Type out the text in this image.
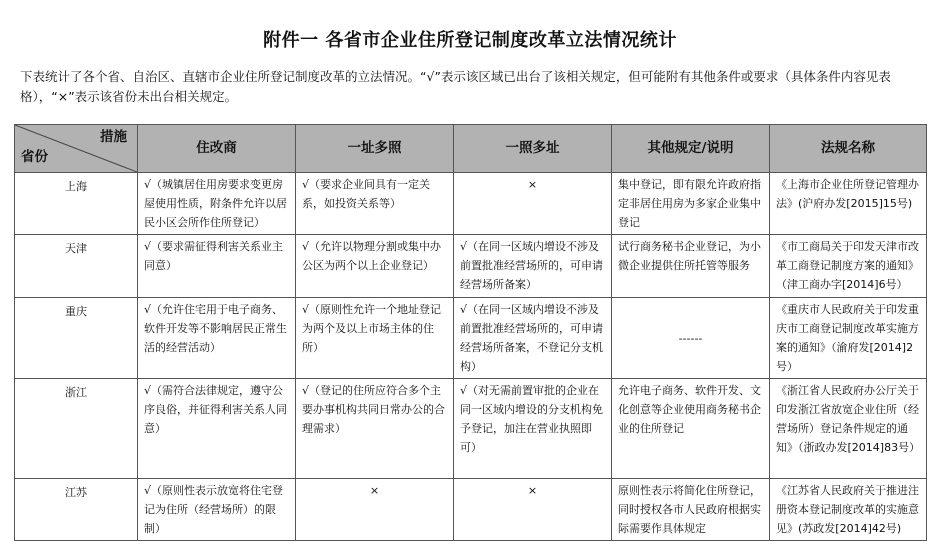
附件一 各省市企业住所登记制度改革立法情况统计
下表统计了各个省、自治区、直辖市企业住所登记制度改革的立法情况。“√”表示该区域已出台了该相关规定，但可能附有其他条件或要求（具体条件内容见表格），“×”表示该省份未出台相关规定。
措施
省份	住改商	一址多照	一照多址	其他规定/说明	法规名称
上海	√（城镇居住用房要求变更房屋使用性质，附条件允许以居民小区会所作住所登记）	√（要求企业间具有一定关系，如投资关系等）	×	集中登记，即有限允许政府指定非居住用房为多家企业集中登记	《上海市企业住所登记管理办法》(沪府办发[2015]15号)
天津	√（要求需征得利害关系业主同意）	√（允许以物理分割或集中办公区为两个以上企业登记）	√（在同一区域内增设不涉及前置批准经营场所的，可申请经营场所备案）	试行商务秘书企业登记，为小微企业提供住所托管等服务	《市工商局关于印发天津市改革工商登记制度方案的通知》（津工商办字[2014]6号）
重庆	√（允许住宅用于电子商务、软件开发等不影响居民正常生活的经营活动）	√（原则性允许一个地址登记为两个及以上市场主体的住所）	√（在同一区域内增设不涉及前置批准经营场所的，可申请经营场所备案，不登记分支机构）	------	《重庆市人民政府关于印发重庆市工商登记制度改革实施方案的通知》（渝府发[2014]2号）
浙江	√（需符合法律规定，遵守公序良俗，并征得利害关系人同意）	√（登记的住所应符合多个主要办事机构共同日常办公的合理需求）	√（对无需前置审批的企业在同一区域内增设的分支机构免予登记，加注在营业执照即可）	允许电子商务、软件开发、文化创意等企业使用商务秘书企业的住所登记	《浙江省人民政府办公厅关于印发浙江省放宽企业住所（经营场所）登记条件规定的通知》（浙政办发[2014]83号）
江苏	√（原则性表示放宽将住宅登记为住所（经营场所）的限制）	×	×	原则性表示将简化住所登记，同时授权各市人民政府根据实际需要作具体规定	《江苏省人民政府关于推进注册资本登记制度改革的实施意见》(苏政发[2014]42号)
